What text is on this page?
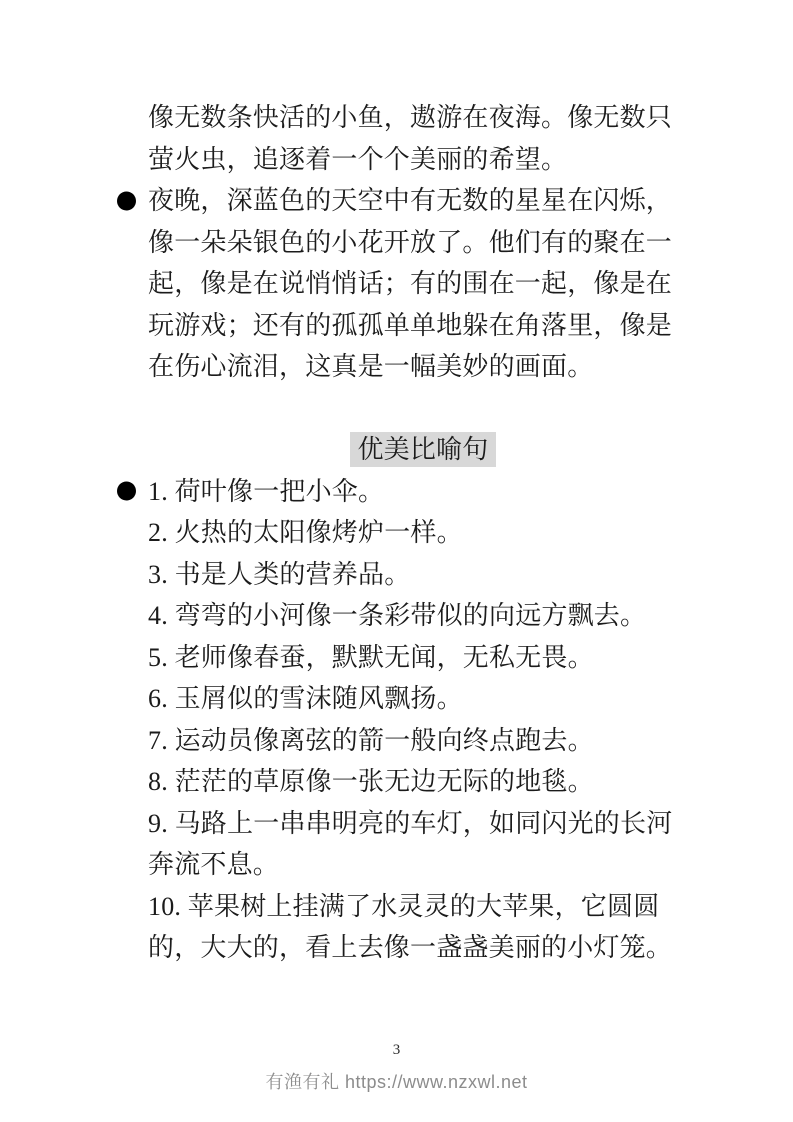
像无数条快活的小鱼，遨游在夜海。像无数只
萤火虫，追逐着一个个美丽的希望。
夜晚，深蓝色的天空中有无数的星星在闪烁，
像一朵朵银色的小花开放了。他们有的聚在一
起，像是在说悄悄话；有的围在一起，像是在
玩游戏；还有的孤孤单单地躲在角落里，像是
在伤心流泪，这真是一幅美妙的画面。
优美比喻句
1. 荷叶像一把小伞。
2. 火热的太阳像烤炉一样。
3. 书是人类的营养品。
4. 弯弯的小河像一条彩带似的向远方飘去。
5. 老师像春蚕，默默无闻，无私无畏。
6. 玉屑似的雪沫随风飘扬。
7. 运动员像离弦的箭一般向终点跑去。
8. 茫茫的草原像一张无边无际的地毯。
9. 马路上一串串明亮的车灯，如同闪光的长河
奔流不息。
10. 苹果树上挂满了水灵灵的大苹果，它圆圆
的，大大的，看上去像一盏盏美丽的小灯笼。
3
有渔有礼 https://www.nzxwl.net
